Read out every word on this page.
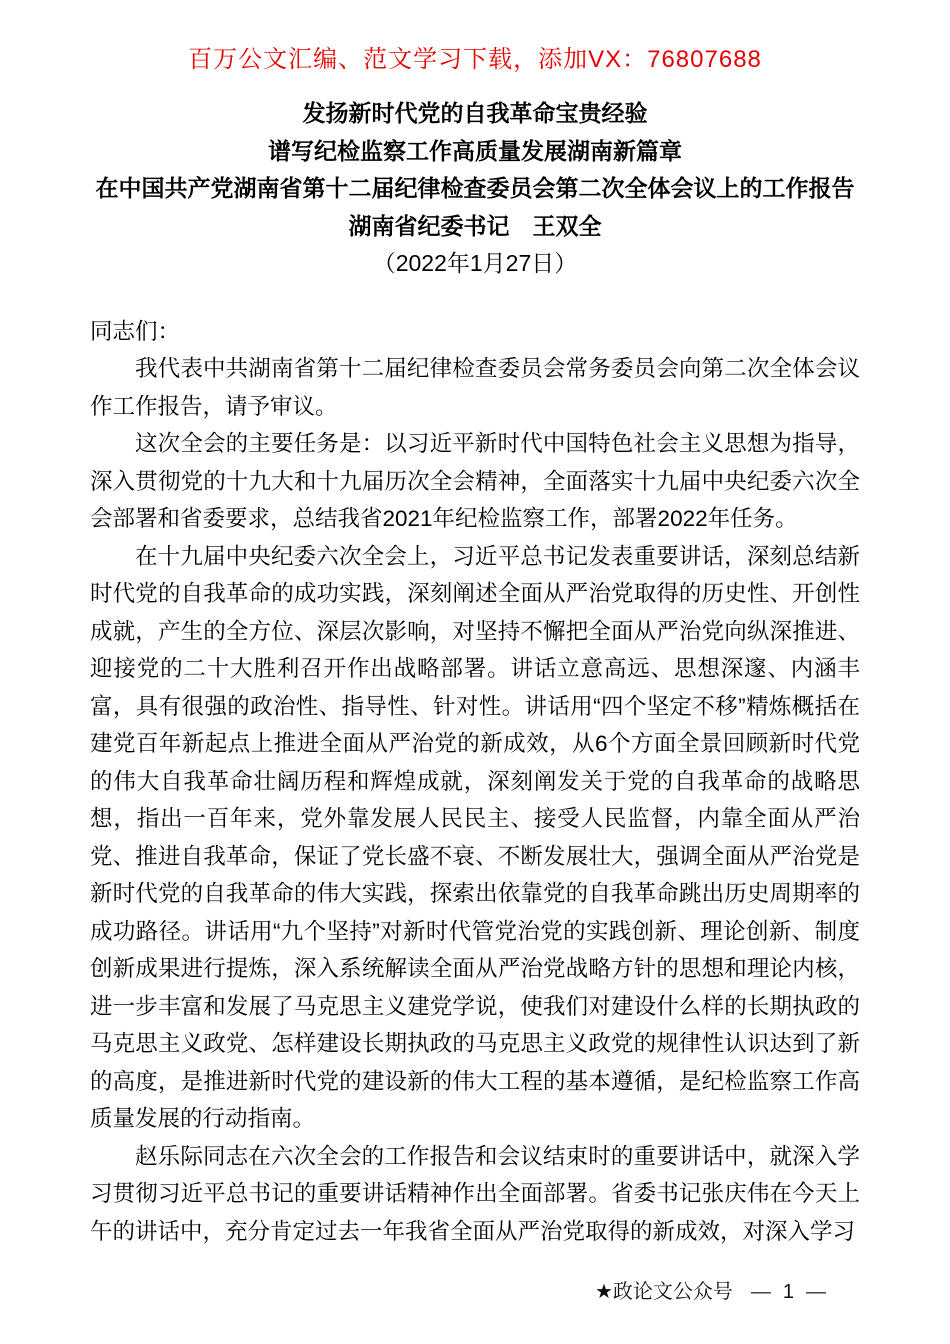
百万公文汇编、范文学习下载，添加VX：76807688
发扬新时代党的自我革命宝贵经验
谱写纪检监察工作高质量发展湖南新篇章
在中国共产党湖南省第十二届纪律检查委员会第二次全体会议上的工作报告
湖南省纪委书记　王双全
（2022年1月27日）

同志们：

我代表中共湖南省第十二届纪律检查委员会常务委员会向第二次全体会议作工作报告，请予审议。

这次全会的主要任务是：以习近平新时代中国特色社会主义思想为指导，深入贯彻党的十九大和十九届历次全会精神，全面落实十九届中央纪委六次全会部署和省委要求，总结我省2021年纪检监察工作，部署2022年任务。

在十九届中央纪委六次全会上，习近平总书记发表重要讲话，深刻总结新时代党的自我革命的成功实践，深刻阐述全面从严治党取得的历史性、开创性成就，产生的全方位、深层次影响，对坚持不懈把全面从严治党向纵深推进、迎接党的二十大胜利召开作出战略部署。讲话立意高远、思想深邃、内涵丰富，具有很强的政治性、指导性、针对性。讲话用“四个坚定不移”精炼概括在建党百年新起点上推进全面从严治党的新成效，从6个方面全景回顾新时代党的伟大自我革命壮阔历程和辉煌成就，深刻阐发关于党的自我革命的战略思想，指出一百年来，党外靠发展人民民主、接受人民监督，内靠全面从严治党、推进自我革命，保证了党长盛不衰、不断发展壮大，强调全面从严治党是新时代党的自我革命的伟大实践，探索出依靠党的自我革命跳出历史周期率的成功路径。讲话用“九个坚持”对新时代管党治党的实践创新、理论创新、制度创新成果进行提炼，深入系统解读全面从严治党战略方针的思想和理论内核，进一步丰富和发展了马克思主义建党学说，使我们对建设什么样的长期执政的马克思主义政党、怎样建设长期执政的马克思主义政党的规律性认识达到了新的高度，是推进新时代党的建设新的伟大工程的基本遵循，是纪检监察工作高质量发展的行动指南。

赵乐际同志在六次全会的工作报告和会议结束时的重要讲话中，就深入学习贯彻习近平总书记的重要讲话精神作出全面部署。省委书记张庆伟在今天上午的讲话中，充分肯定过去一年我省全面从严治党取得的新成效，对深入学习

★政论文公众号 — 1 —
